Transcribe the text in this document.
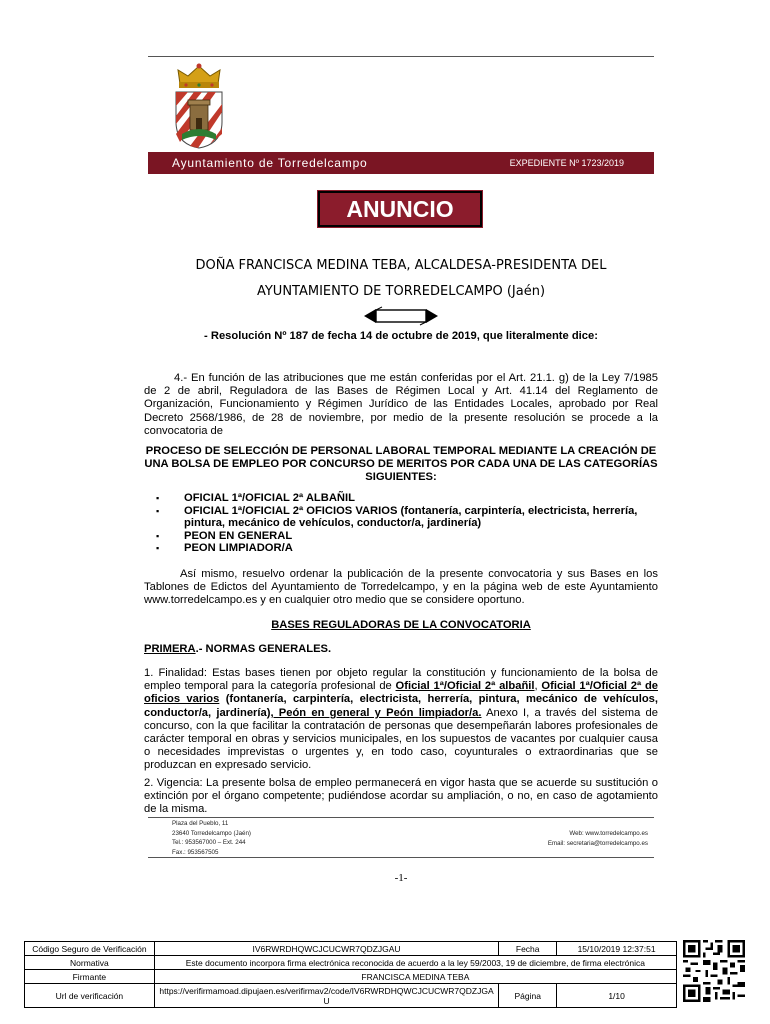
Ayuntamiento de Torredelcampo	EXPEDIENTE Nº 1723/2019
ANUNCIO
DOÑA FRANCISCA MEDINA TEBA, ALCALDESA-PRESIDENTA DEL
AYUNTAMIENTO DE TORREDELCAMPO (Jaén)
- Resolución Nº 187 de fecha 14 de octubre de 2019, que literalmente dice:
4.- En función de las atribuciones que me están conferidas por el Art. 21.1. g) de la Ley 7/1985 de 2 de abril, Reguladora de las Bases de Régimen Local y Art. 41.14 del Reglamento de Organización, Funcionamiento y Régimen Jurídico de las Entidades Locales, aprobado por Real Decreto 2568/1986, de 28 de noviembre, por medio de la presente resolución se procede a la convocatoria de
PROCESO DE SELECCIÓN DE PERSONAL LABORAL TEMPORAL MEDIANTE LA CREACIÓN DE UNA BOLSA DE EMPLEO POR CONCURSO DE MERITOS POR CADA UNA DE LAS CATEGORÍAS SIGUIENTES:
▪ OFICIAL 1ª/OFICIAL 2ª ALBAÑIL
▪ OFICIAL 1ª/OFICIAL 2ª OFICIOS VARIOS (fontanería, carpintería, electricista, herrería, pintura, mecánico de vehículos, conductor/a, jardinería)
▪ PEON EN GENERAL
▪ PEON LIMPIADOR/A
Así mismo, resuelvo ordenar la publicación de la presente convocatoria y sus Bases en los Tablones de Edictos del Ayuntamiento de Torredelcampo, y en la página web de este Ayuntamiento www.torredelcampo.es y en cualquier otro medio que se considere oportuno.
BASES REGULADORAS DE LA CONVOCATORIA
PRIMERA.- NORMAS GENERALES.
1. Finalidad: Estas bases tienen por objeto regular la constitución y funcionamiento de la bolsa de empleo temporal para la categoría profesional de Oficial 1ª/Oficial 2ª albañil, Oficial 1ª/Oficial 2ª de oficios varios (fontanería, carpintería, electricista, herrería, pintura, mecánico de vehículos, conductor/a, jardinería), Peón en general y Peón limpiador/a. Anexo I, a través del sistema de concurso, con la que facilitar la contratación de personas que desempeñarán labores profesionales de carácter temporal en obras y servicios municipales, en los supuestos de vacantes por cualquier causa o necesidades imprevistas o urgentes y, en todo caso, coyunturales o extraordinarias que se produzcan en expresado servicio.
2. Vigencia: La presente bolsa de empleo permanecerá en vigor hasta que se acuerde su sustitución o extinción por el órgano competente; pudiéndose acordar su ampliación, o no, en caso de agotamiento de la misma.
Plaza del Pueblo, 11
23640 Torredelcampo (Jaén)
Tel.: 953567000 – Ext. 244
Fax.: 953567505
Web: www.torredelcampo.es
Email: secretaria@torredelcampo.es
-1-
Código Seguro de Verificación	IV6RWRDHQWCJCUCWR7QDZJGAU	Fecha	15/10/2019 12:37:51
Normativa	Este documento incorpora firma electrónica reconocida de acuerdo a la ley 59/2003, 19 de diciembre, de firma electrónica		
Firmante	FRANCISCA MEDINA TEBA		
Url de verificación	https://verifirmamoad.dipujaen.es/verifirmav2/code/IV6RWRDHQWCJCUCWR7QDZJGAU	Página	1/10
